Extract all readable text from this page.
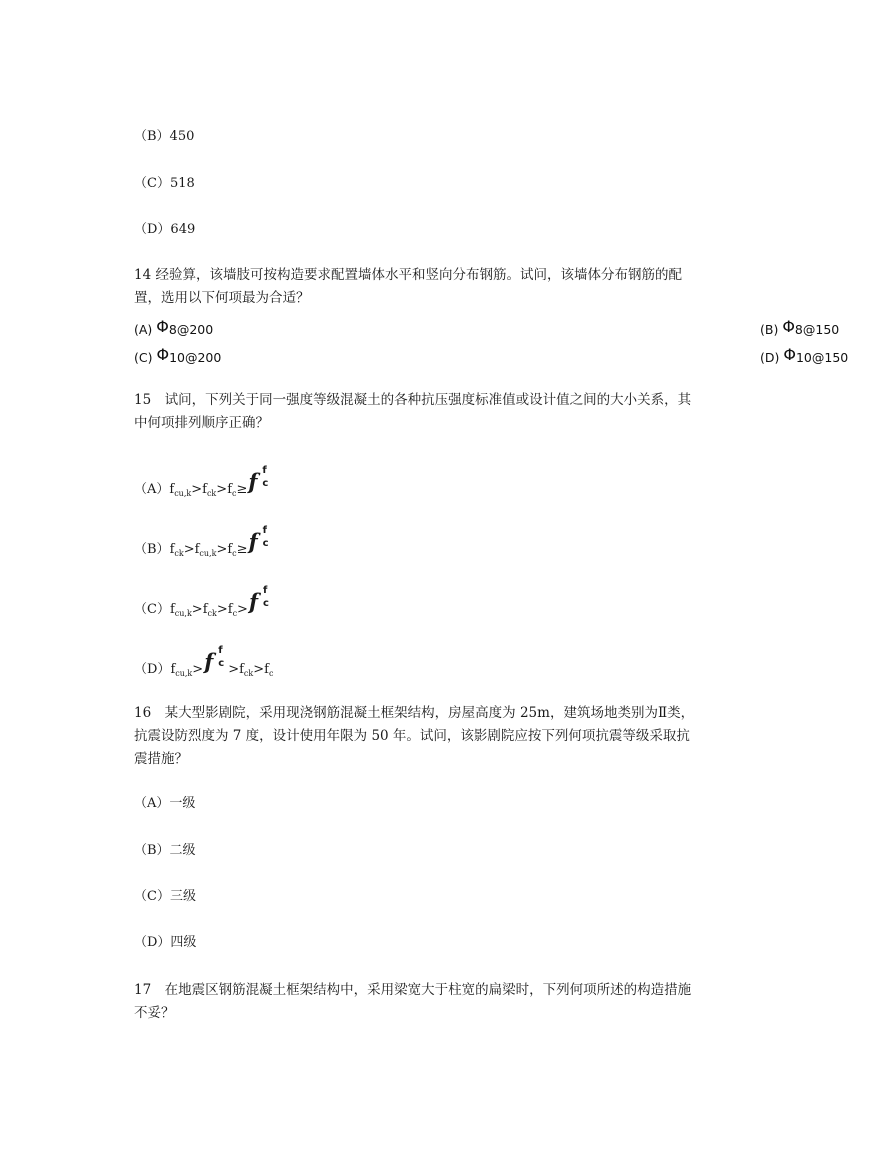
（B）450
（C）518
（D）649
14 经验算，该墙肢可按构造要求配置墙体水平和竖向分布钢筋。试问，该墙体分布钢筋的配
置，选用以下何项最为合适？
(A) Φ8@200	(B) Φ8@150
(C) Φ10@200	(D) Φ10@150
15　试问，下列关于同一强度等级混凝土的各种抗压强度标准值或设计值之间的大小关系，其
中何项排列顺序正确？
$(A)f_{cu,k}>f_{ck}>f_c\ge f$ f
c
$(B)f_{ck}>f_{cu,k}>f_c\ge f$ f
c
$(C)f_{cu,k}>f_{ck}>f_c> f$ f
c
$(D)f_{cu,k}> f$ f
$c >f_{ck}>f_c$
16　某大型影剧院，采用现浇钢筋混凝土框架结构，房屋高度为 25m，建筑场地类别为Ⅱ类，
抗震设防烈度为 7 度，设计使用年限为 50 年。试问，该影剧院应按下列何项抗震等级采取抗
震措施？
（A）一级
（B）二级
（C）三级
（D）四级
17　在地震区钢筋混凝土框架结构中，采用梁宽大于柱宽的扁梁时，下列何项所述的构造措施
不妥？
